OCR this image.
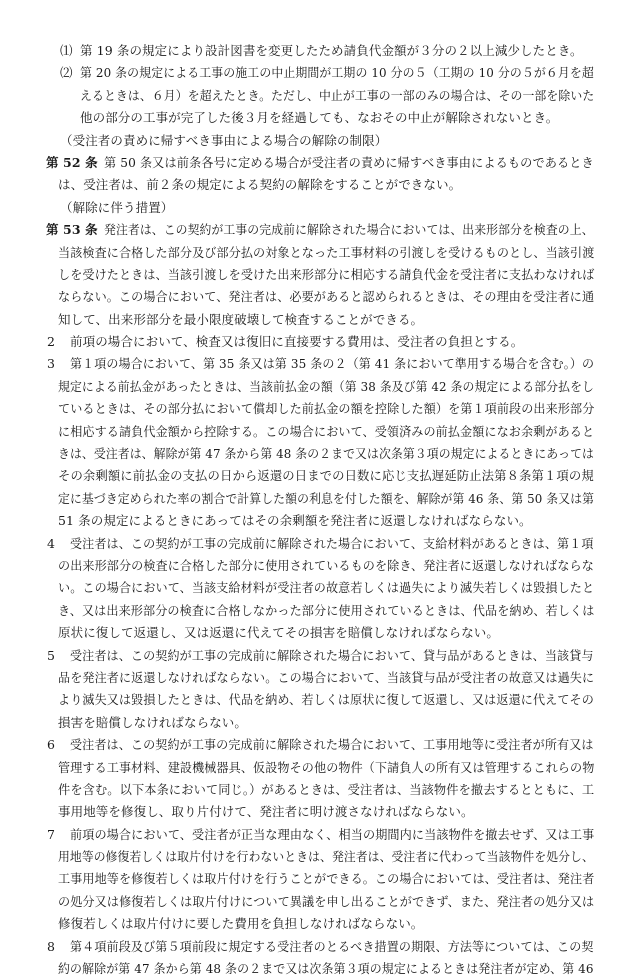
⑴ 第 19 条の規定により設計図書を変更したため請負代金額が３分の２以上減少したとき。
⑵ 第 20 条の規定による工事の施工の中止期間が工期の 10 分の５（工期の 10 分の５が６月を超
えるときは、６月）を超えたとき。ただし、中止が工事の一部のみの場合は、その一部を除いた
他の部分の工事が完了した後３月を経過しても、なおその中止が解除されないとき。
（受注者の責めに帰すべき事由による場合の解除の制限）
第 52 条 第 50 条又は前条各号に定める場合が受注者の責めに帰すべき事由によるものであるとき
は、受注者は、前２条の規定による契約の解除をすることができない。
（解除に伴う措置）
第 53 条 発注者は、この契約が工事の完成前に解除された場合においては、出来形部分を検査の上、
当該検査に合格した部分及び部分払の対象となった工事材料の引渡しを受けるものとし、当該引渡
しを受けたときは、当該引渡しを受けた出来形部分に相応する請負代金を受注者に支払わなければ
ならない。この場合において、発注者は、必要があると認められるときは、その理由を受注者に通
知して、出来形部分を最小限度破壊して検査することができる。
2 前項の場合において、検査又は復旧に直接要する費用は、受注者の負担とする。
3 第１項の場合において、第 35 条又は第 35 条の２（第 41 条において準用する場合を含む。）の
規定による前払金があったときは、当該前払金の額（第 38 条及び第 42 条の規定による部分払をし
ているときは、その部分払において償却した前払金の額を控除した額）を第１項前段の出来形部分
に相応する請負代金額から控除する。この場合において、受領済みの前払金額になお余剰があると
きは、受注者は、解除が第 47 条から第 48 条の２まで又は次条第３項の規定によるときにあっては
その余剰額に前払金の支払の日から返還の日までの日数に応じ支払遅延防止法第８条第１項の規
定に基づき定められた率の割合で計算した額の利息を付した額を、解除が第 46 条、第 50 条又は第
51 条の規定によるときにあってはその余剰額を発注者に返還しなければならない。
4 受注者は、この契約が工事の完成前に解除された場合において、支給材料があるときは、第１項
の出来形部分の検査に合格した部分に使用されているものを除き、発注者に返還しなければならな
い。この場合において、当該支給材料が受注者の故意若しくは過失により滅失若しくは毀損したと
き、又は出来形部分の検査に合格しなかった部分に使用されているときは、代品を納め、若しくは
原状に復して返還し、又は返還に代えてその損害を賠償しなければならない。
5 受注者は、この契約が工事の完成前に解除された場合において、貸与品があるときは、当該貸与
品を発注者に返還しなければならない。この場合において、当該貸与品が受注者の故意又は過失に
より滅失又は毀損したときは、代品を納め、若しくは原状に復して返還し、又は返還に代えてその
損害を賠償しなければならない。
6 受注者は、この契約が工事の完成前に解除された場合において、工事用地等に受注者が所有又は
管理する工事材料、建設機械器具、仮設物その他の物件（下請負人の所有又は管理するこれらの物
件を含む。以下本条において同じ。）があるときは、受注者は、当該物件を撤去するとともに、工
事用地等を修復し、取り片付けて、発注者に明け渡さなければならない。
7 前項の場合において、受注者が正当な理由なく、相当の期間内に当該物件を撤去せず、又は工事
用地等の修復若しくは取片付けを行わないときは、発注者は、受注者に代わって当該物件を処分し、
工事用地等を修復若しくは取片付けを行うことができる。この場合においては、受注者は、発注者
の処分又は修復若しくは取片付けについて異議を申し出ることができず、また、発注者の処分又は
修復若しくは取片付けに要した費用を負担しなければならない。
8 第４項前段及び第５項前段に規定する受注者のとるべき措置の期限、方法等については、この契
約の解除が第 47 条から第 48 条の２まで又は次条第３項の規定によるときは発注者が定め、第 46
